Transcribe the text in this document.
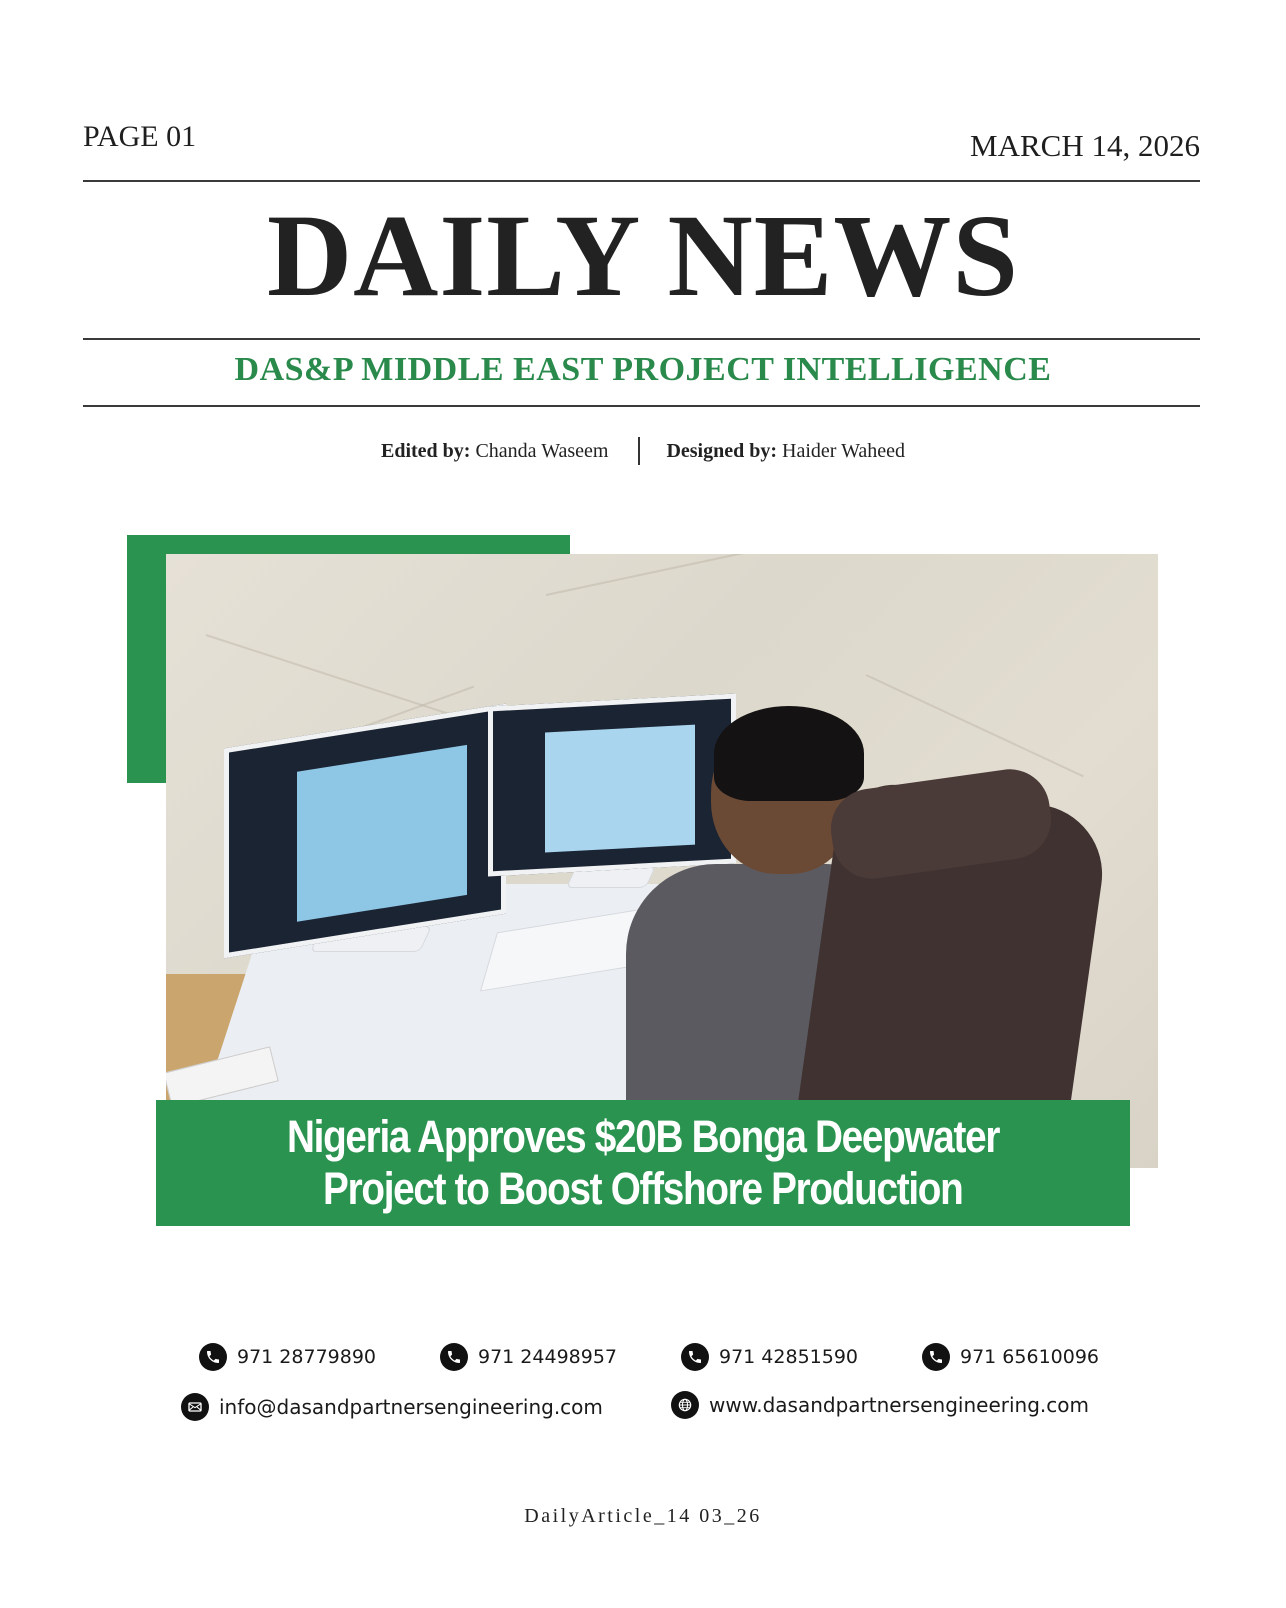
PAGE 01	MARCH 14, 2026
DAILY NEWS
DAS&P MIDDLE EAST PROJECT INTELLIGENCE
Edited by:
Chanda Waseem	Designed by:
Haider Waheed
Nigeria Approves $20B Bonga Deepwater
Project to Boost Offshore Production
971 28779890	971 24498957	971 42851590	971 65610096
info@dasandpartnersengineering.com	www.dasandpartnersengineering.com
DailyArticle_14 03_26
